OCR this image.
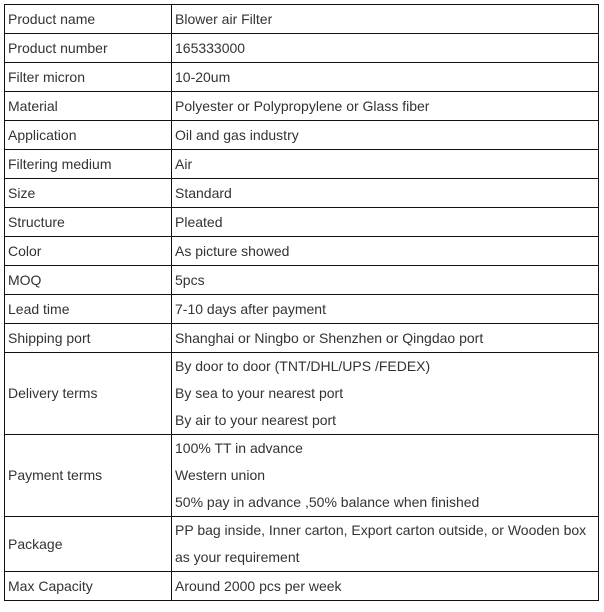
Product name	Blower air Filter

Product number	165333000

Filter micron	10-20um

Material	Polyester or Polypropylene or Glass fiber

Application	Oil and gas industry

Filtering medium	Air

Size	Standard

Structure	Pleated

Color	As picture showed

MOQ	5pcs

Lead time	7-10 days after payment

Shipping port	Shanghai or Ningbo or Shenzhen or Qingdao port

Delivery terms	By door to door (TNT/DHL/UPS /FEDEX)
By sea to your nearest port
By air to your nearest port

Payment terms	100% TT in advance
Western union
50% pay in advance ,50% balance when finished

Package	PP bag inside, Inner carton, Export carton outside, or Wooden box
as your requirement

Max Capacity	Around 2000 pcs per week
